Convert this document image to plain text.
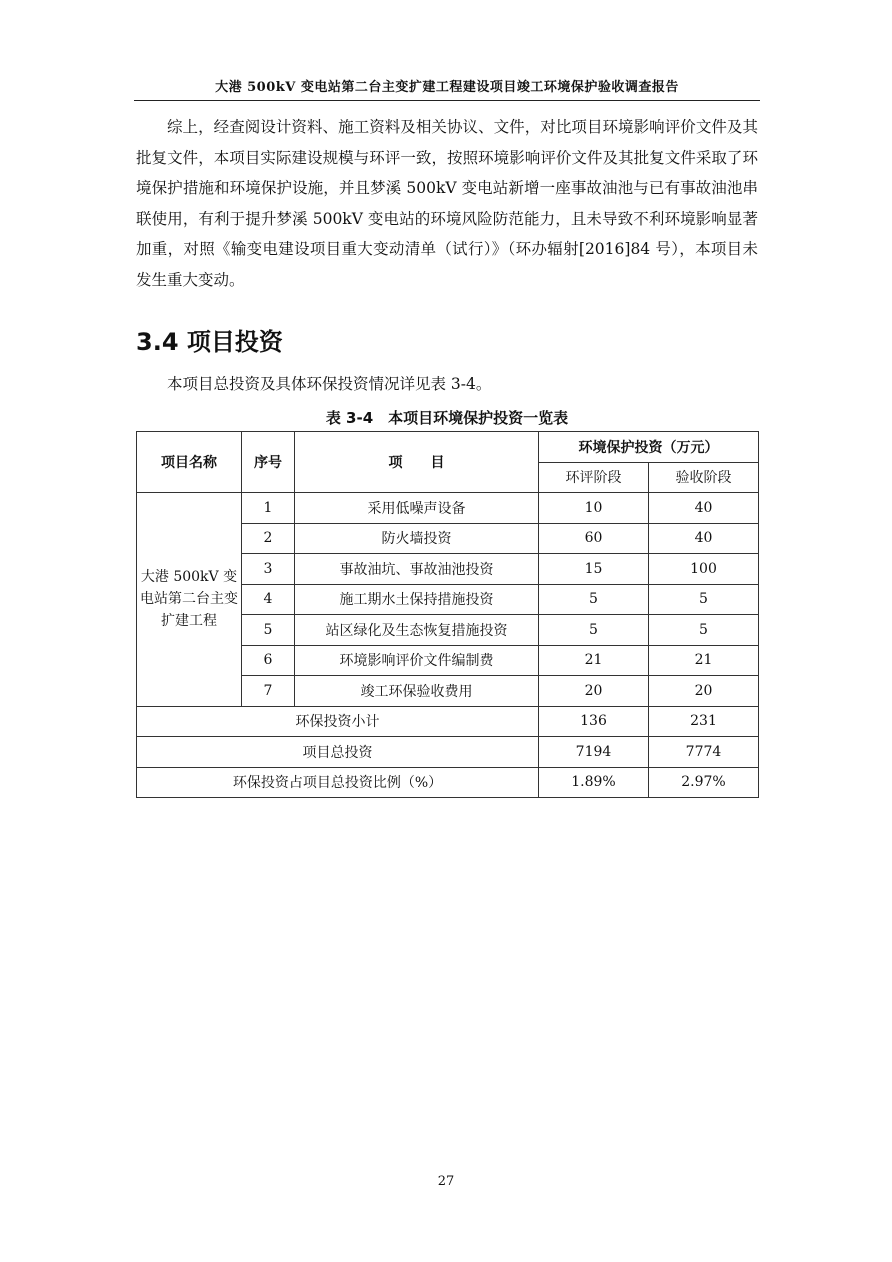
大港 500kV 变电站第二台主变扩建工程建设项目竣工环境保护验收调查报告

综上，经查阅设计资料、施工资料及相关协议、文件，对比项目环境影响评价文件及其批复文件，本项目实际建设规模与环评一致，按照环境影响评价文件及其批复文件采取了环境保护措施和环境保护设施，并且梦溪 500kV 变电站新增一座事故油池与已有事故油池串联使用，有利于提升梦溪 500kV 变电站的环境风险防范能力，且未导致不利环境影响显著加重，对照《输变电建设项目重大变动清单（试行）》（环办辐射[2016]84 号），本项目未发生重大变动。

3.4 项目投资

本项目总投资及具体环保投资情况详见表 3-4。

表 3-4　本项目环境保护投资一览表
项目名称	序号	项　　目	环境保护投资（万元）	
			环评阶段	验收阶段
大港 500kV 变电站第二台主变扩建工程	1	采用低噪声设备	10	40
	2	防火墙投资	60	40
	3	事故油坑、事故油池投资	15	100
	4	施工期水土保持措施投资	5	5
	5	站区绿化及生态恢复措施投资	5	5
	6	环境影响评价文件编制费	21	21
	7	竣工环保验收费用	20	20
环保投资小计			136	231
项目总投资			7194	7774
环保投资占项目总投资比例（%）			1.89%	2.97%
27
